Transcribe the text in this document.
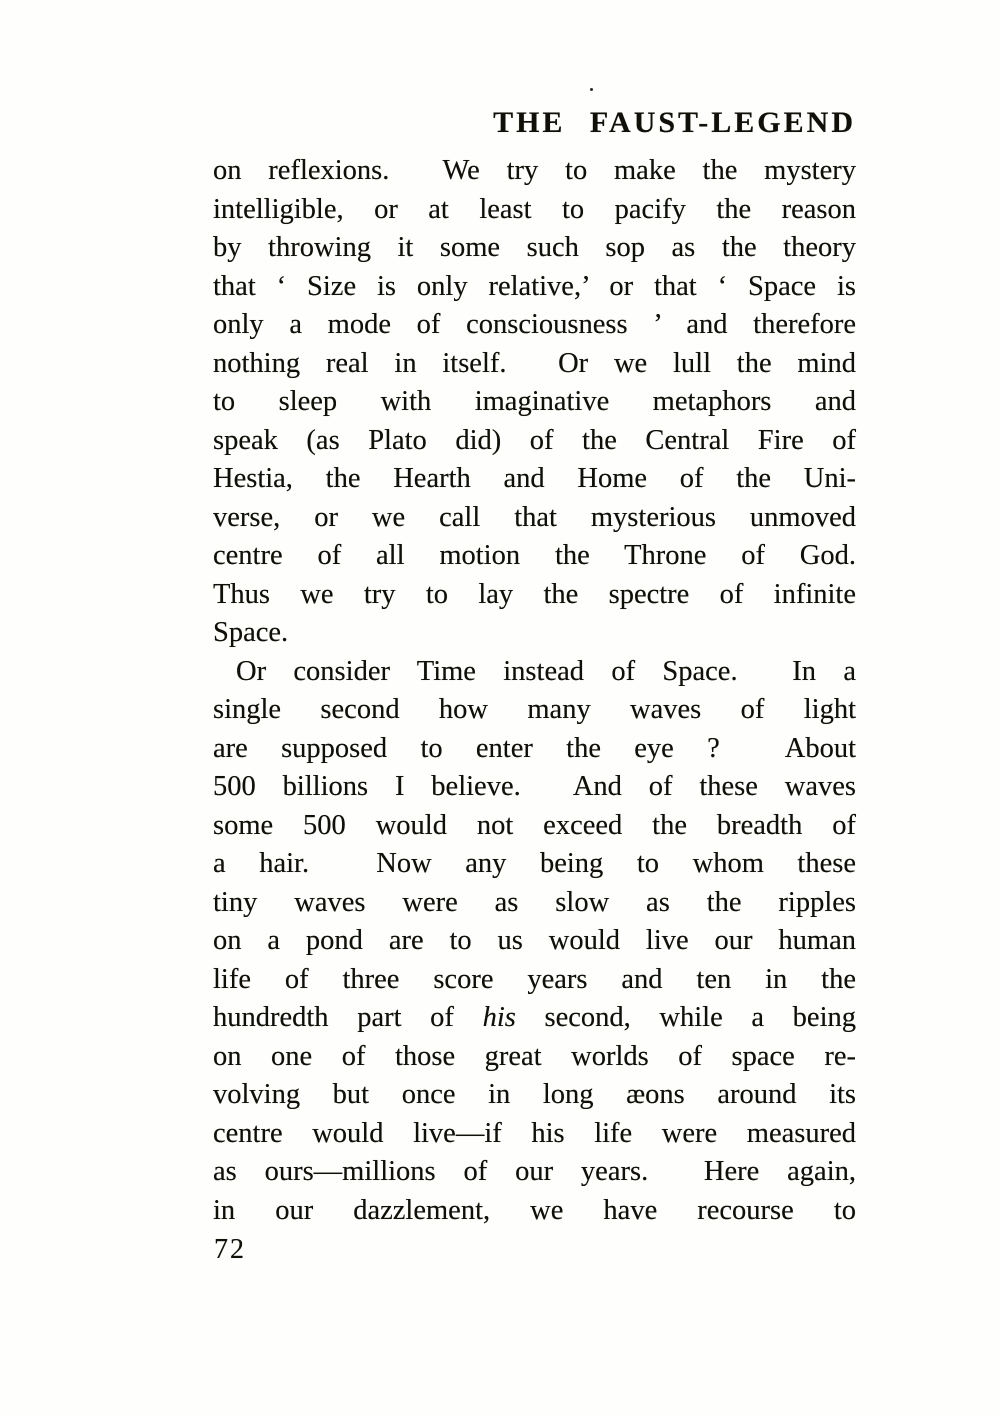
THE FAUST-LEGEND
on reflexions.  We try to make the mystery
intelligible, or at least to pacify the reason
by throwing it some such sop as the theory
that ‘ Size is only relative,’ or that ‘ Space is
only a mode of consciousness ’ and therefore
nothing real in itself.  Or we lull the mind
to sleep with imaginative metaphors and
speak (as Plato did) of the Central Fire of
Hestia, the Hearth and Home of the Uni-
verse, or we call that mysterious unmoved
centre of all motion the Throne of God.
Thus we try to lay the spectre of infinite
Space.
Or consider Time instead of Space.  In a
single second how many waves of light
are supposed to enter the eye ?  About
500 billions I believe.  And of these waves
some 500 would not exceed the breadth of
a hair.  Now any being to whom these
tiny waves were as slow as the ripples
on a pond are to us would live our human
life of three score years and ten in the
hundredth part of his second, while a being
on one of those great worlds of space re-
volving but once in long æons around its
centre would live—if his life were measured
as ours—millions of our years.  Here again,
in our dazzlement, we have recourse to
72
